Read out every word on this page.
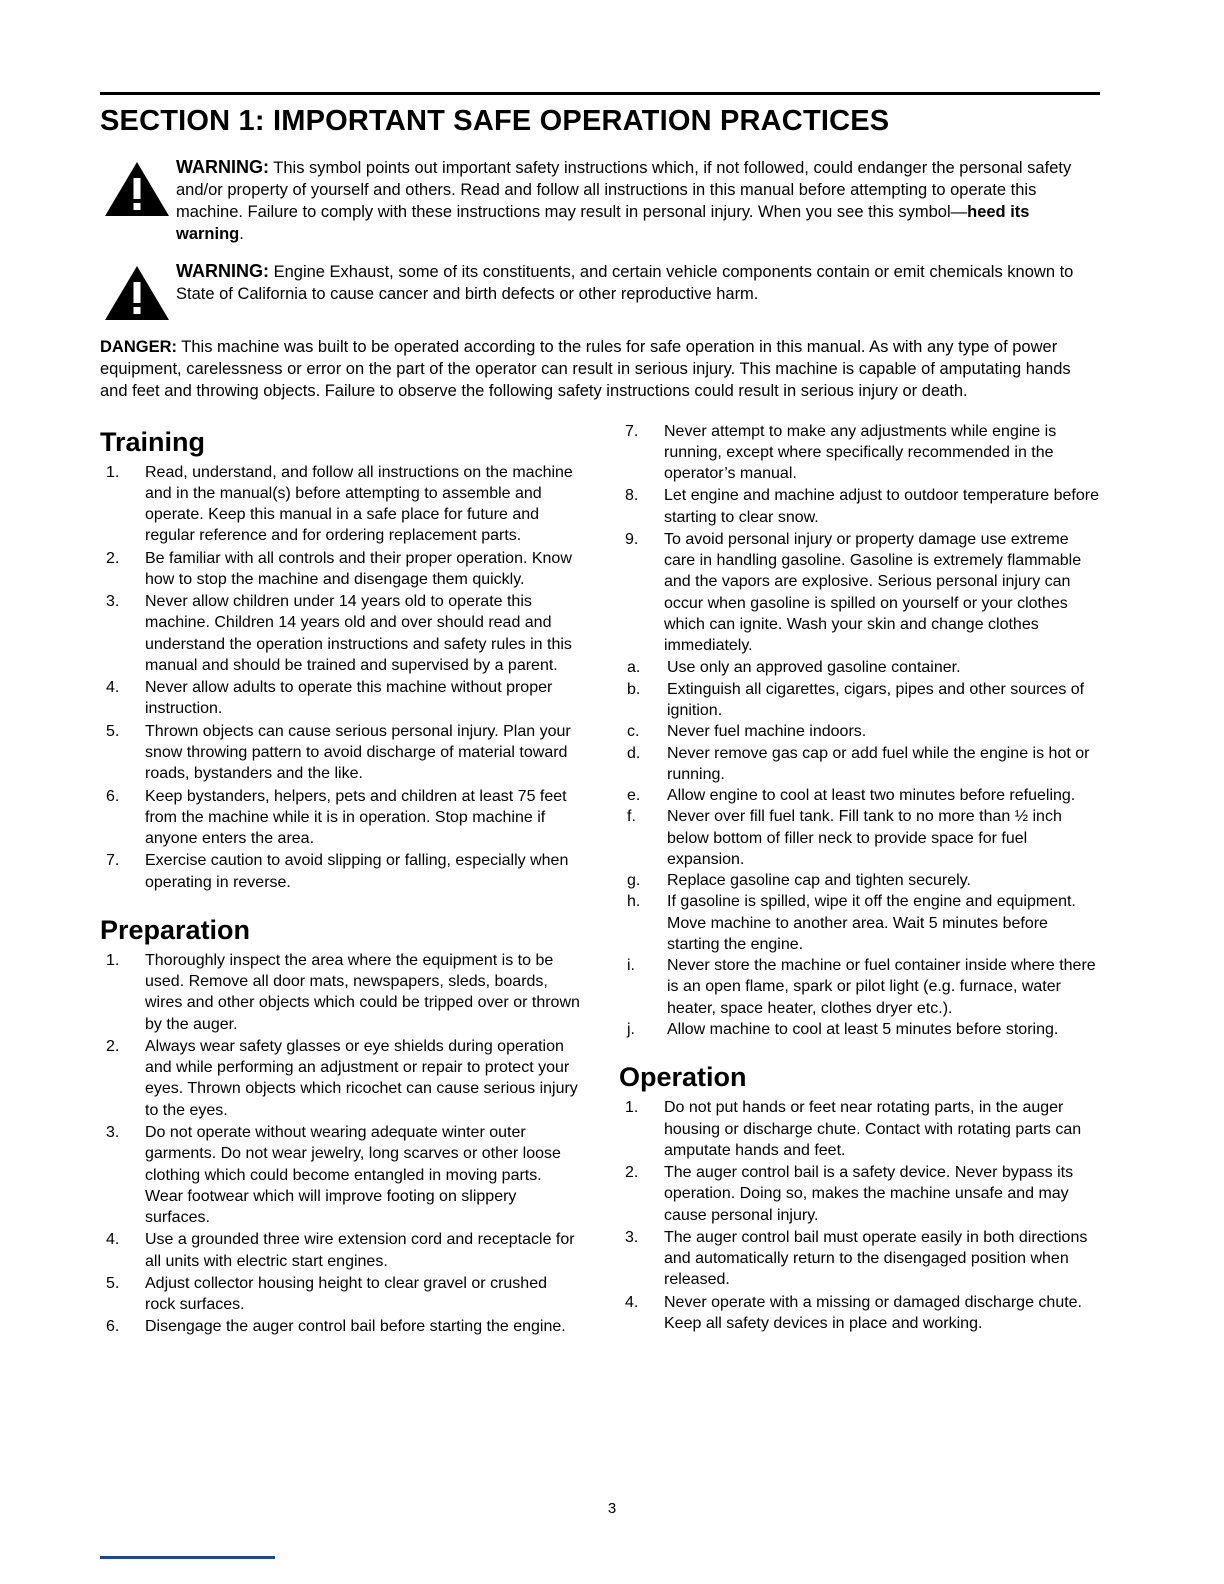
SECTION 1: IMPORTANT SAFE OPERATION PRACTICES
WARNING: This symbol points out important safety instructions which, if not followed, could endanger the personal safety and/or property of yourself and others. Read and follow all instructions in this manual before attempting to operate this machine. Failure to comply with these instructions may result in personal injury. When you see this symbol—heed its warning.
WARNING: Engine Exhaust, some of its constituents, and certain vehicle components contain or emit chemicals known to State of California to cause cancer and birth defects or other reproductive harm.

DANGER: This machine was built to be operated according to the rules for safe operation in this manual. As with any type of power equipment, carelessness or error on the part of the operator can result in serious injury. This machine is capable of amputating hands and feet and throwing objects. Failure to observe the following safety instructions could result in serious injury or death.

Training
1.	Read, understand, and follow all instructions on the machine and in the manual(s) before attempting to assemble and operate. Keep this manual in a safe place for future and regular reference and for ordering replacement parts.
2.	Be familiar with all controls and their proper operation. Know how to stop the machine and disengage them quickly.
3.	Never allow children under 14 years old to operate this machine. Children 14 years old and over should read and understand the operation instructions and safety rules in this manual and should be trained and supervised by a parent.
4.	Never allow adults to operate this machine without proper instruction.
5.	Thrown objects can cause serious personal injury. Plan your snow throwing pattern to avoid discharge of material toward roads, bystanders and the like.
6.	Keep bystanders, helpers, pets and children at least 75 feet from the machine while it is in operation. Stop machine if anyone enters the area.
7.	Exercise caution to avoid slipping or falling, especially when operating in reverse.
Preparation
1.	Thoroughly inspect the area where the equipment is to be used. Remove all door mats, newspapers, sleds, boards, wires and other objects which could be tripped over or thrown by the auger.
2.	Always wear safety glasses or eye shields during operation and while performing an adjustment or repair to protect your eyes. Thrown objects which ricochet can cause serious injury to the eyes.
3.	Do not operate without wearing adequate winter outer garments. Do not wear jewelry, long scarves or other loose clothing which could become entangled in moving parts. Wear footwear which will improve footing on slippery surfaces.
4.	Use a grounded three wire extension cord and receptacle for all units with electric start engines.
5.	Adjust collector housing height to clear gravel or crushed rock surfaces.
6.	Disengage the auger control bail before starting the engine.
7.	Never attempt to make any adjustments while engine is running, except where specifically recommended in the operator’s manual.
8.	Let engine and machine adjust to outdoor temperature before starting to clear snow.
9.	To avoid personal injury or property damage use extreme care in handling gasoline. Gasoline is extremely flammable and the vapors are explosive. Serious personal injury can occur when gasoline is spilled on yourself or your clothes which can ignite. Wash your skin and change clothes immediately.
a.	Use only an approved gasoline container.
b.	Extinguish all cigarettes, cigars, pipes and other sources of ignition.
c.	Never fuel machine indoors.
d.	Never remove gas cap or add fuel while the engine is hot or running.
e.	Allow engine to cool at least two minutes before refueling.
f.	Never over fill fuel tank. Fill tank to no more than ½ inch below bottom of filler neck to provide space for fuel expansion.
g.	Replace gasoline cap and tighten securely.
h.	If gasoline is spilled, wipe it off the engine and equipment. Move machine to another area. Wait 5 minutes before starting the engine.
i.	Never store the machine or fuel container inside where there is an open flame, spark or pilot light (e.g. furnace, water heater, space heater, clothes dryer etc.).
j.	Allow machine to cool at least 5 minutes before storing.
Operation
1.	Do not put hands or feet near rotating parts, in the auger housing or discharge chute. Contact with rotating parts can amputate hands and feet.
2.	The auger control bail is a safety device. Never bypass its operation. Doing so, makes the machine unsafe and may cause personal injury.
3.	The auger control bail must operate easily in both directions and automatically return to the disengaged position when released.
4.	Never operate with a missing or damaged discharge chute. Keep all safety devices in place and working.
3
